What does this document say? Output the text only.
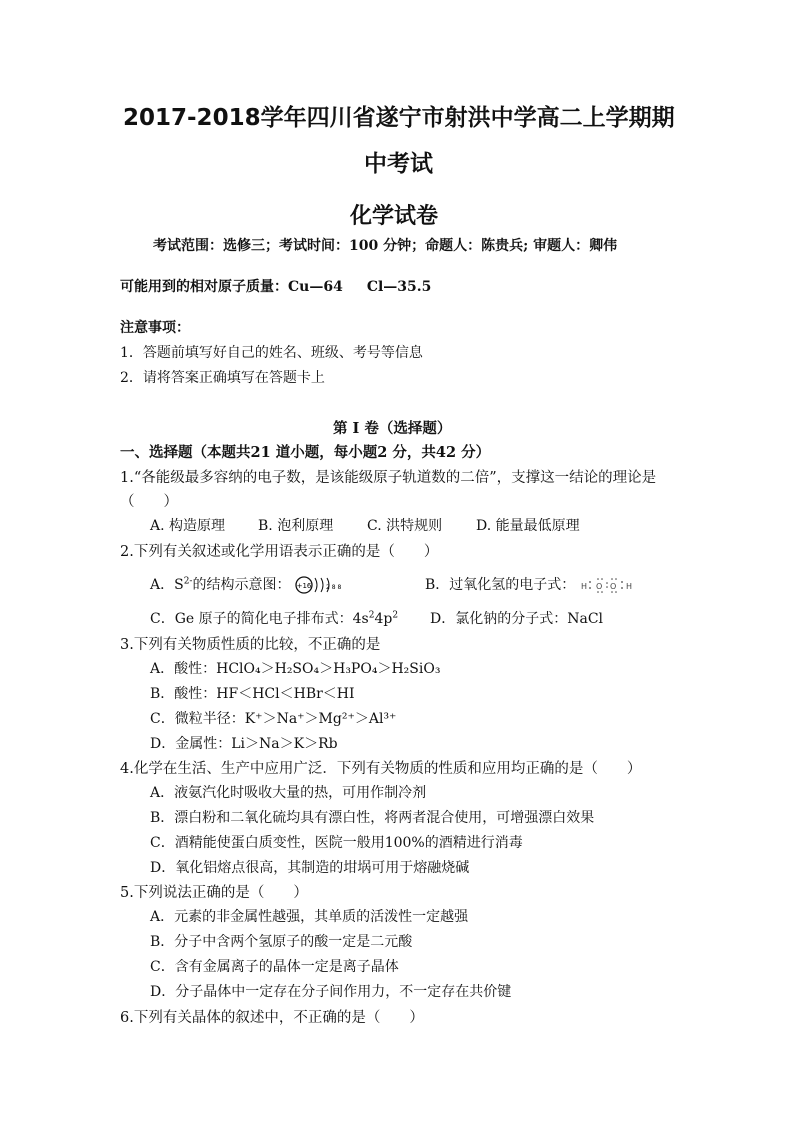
2017-2018学年四川省遂宁市射洪中学高二上学期期
中考试
化学试卷
考试范围：选修三；考试时间：100 分钟；命题人：陈贵兵; 审题人：卿伟
可能用到的相对原子质量：Cu—64 Cl—35.5
注意事项：
1．答题前填写好自己的姓名、班级、考号等信息
2．请将答案正确填写在答题卡上
第 I 卷（选择题）
一、选择题（本题共21 道小题，每小题2 分，共42 分）
1.“各能级最多容纳的电子数，是该能级原子轨道数的二倍”，支撑这一结论的理论是
（　　）
A. 构造原理 B. 泡利原理 C. 洪特规则 D. 能量最低原理
2.下列有关叙述或化学用语表示正确的是（　　）
A．$S^{2-}$的结构示意图： +16 2 8 8	B．过氧化氢的电子式： H O O H
C．Ge 原子的简化电子排布式：$4s^24p^2$ D．氯化钠的分子式：NaCl
3.下列有关物质性质的比较，不正确的是
A．酸性：HClO₄＞H₂SO₄＞H₃PO₄＞H₂SiO₃
B．酸性：HF＜HCl＜HBr＜HI
C．微粒半径：K⁺＞Na⁺＞Mg²⁺＞Al³⁺
D．金属性：Li＞Na＞K＞Rb
4.化学在生活、生产中应用广泛．下列有关物质的性质和应用均正确的是（　　）
A．液氨汽化时吸收大量的热，可用作制冷剂
B．漂白粉和二氧化硫均具有漂白性，将两者混合使用，可增强漂白效果
C．酒精能使蛋白质变性，医院一般用100%的酒精进行消毒
D．氧化铝熔点很高，其制造的坩埚可用于熔融烧碱
5.下列说法正确的是（　　）
A．元素的非金属性越强，其单质的活泼性一定越强
B．分子中含两个氢原子的酸一定是二元酸
C．含有金属离子的晶体一定是离子晶体
D．分子晶体中一定存在分子间作用力，不一定存在共价键
6.下列有关晶体的叙述中，不正确的是（　　）
